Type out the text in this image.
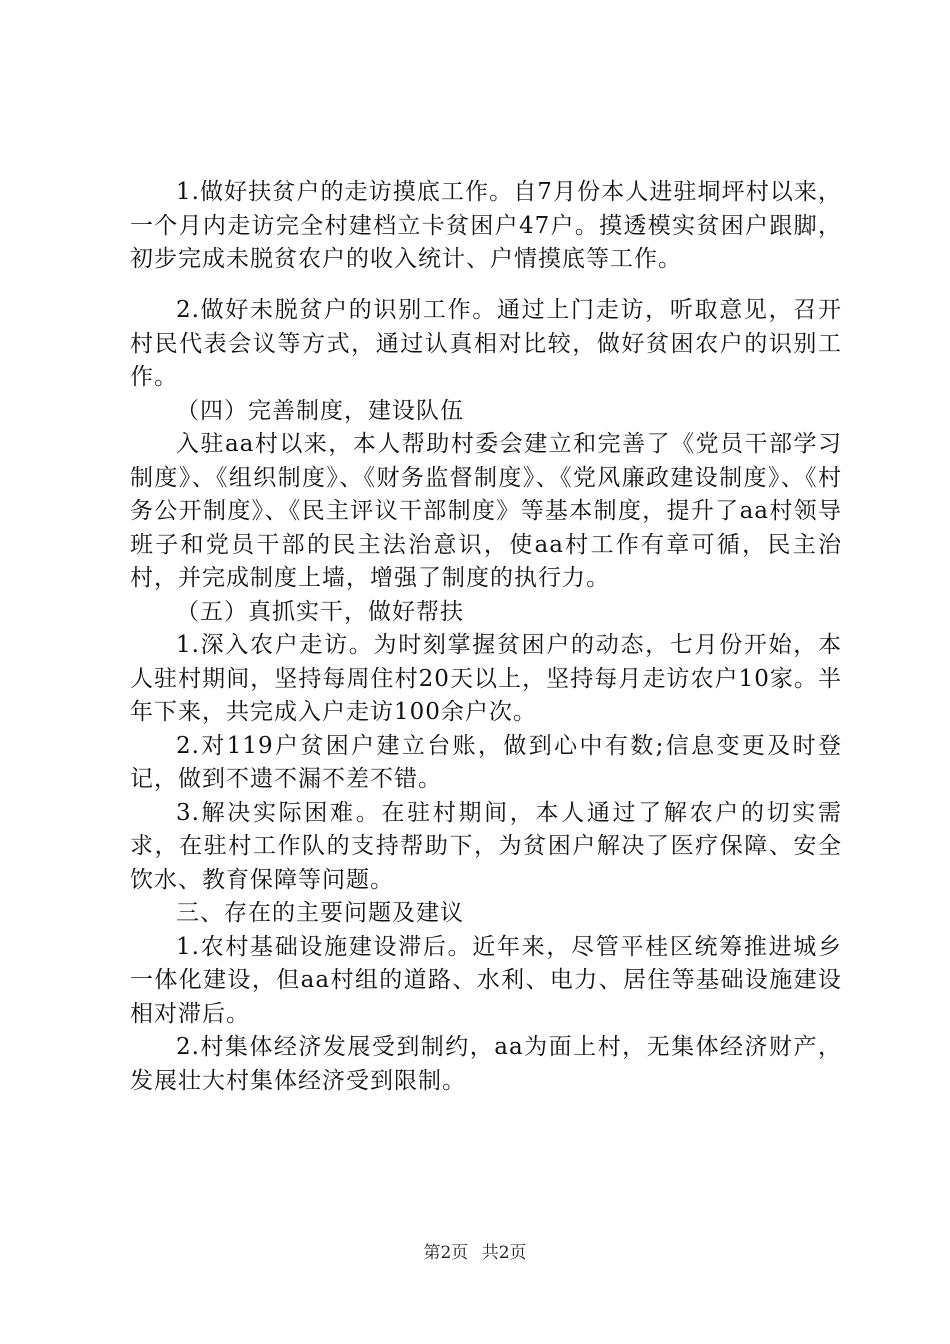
1.做好扶贫户的走访摸底工作。自7月份本人进驻垌坪村以来，一个月内走访完全村建档立卡贫困户47户。摸透模实贫困户跟脚，初步完成未脱贫农户的收入统计、户情摸底等工作。

2.做好未脱贫户的识别工作。通过上门走访，听取意见，召开村民代表会议等方式，通过认真相对比较，做好贫困农户的识别工作。

（四）完善制度，建设队伍

入驻aa村以来，本人帮助村委会建立和完善了《党员干部学习制度》、《组织制度》、《财务监督制度》、《党风廉政建设制度》、《村务公开制度》、《民主评议干部制度》等基本制度，提升了aa村领导班子和党员干部的民主法治意识，使aa村工作有章可循，民主治村，并完成制度上墙，增强了制度的执行力。

（五）真抓实干，做好帮扶

1.深入农户走访。为时刻掌握贫困户的动态，七月份开始，本人驻村期间，坚持每周住村20天以上，坚持每月走访农户10家。半年下来，共完成入户走访100余户次。

2.对119户贫困户建立台账，做到心中有数;信息变更及时登记，做到不遗不漏不差不错。

3.解决实际困难。在驻村期间，本人通过了解农户的切实需求，在驻村工作队的支持帮助下，为贫困户解决了医疗保障、安全饮水、教育保障等问题。

三、存在的主要问题及建议

1.农村基础设施建设滞后。近年来，尽管平桂区统筹推进城乡一体化建设，但aa村组的道路、水利、电力、居住等基础设施建设相对滞后。

2.村集体经济发展受到制约，aa为面上村，无集体经济财产，发展壮大村集体经济受到限制。

第2页 共2页
